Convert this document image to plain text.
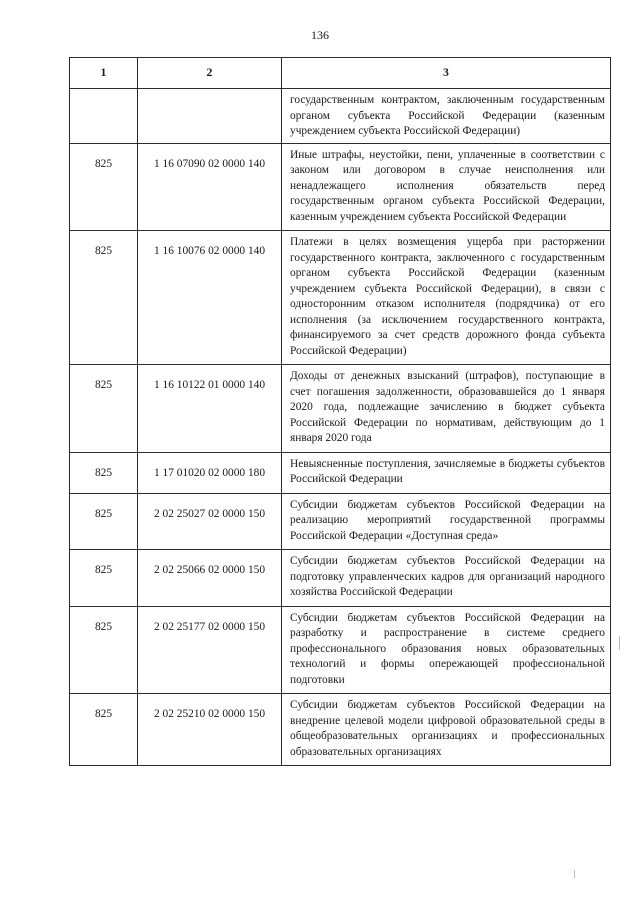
136
1	2	3
		государственным контрактом, заключенным государственным органом субъекта Российской Федерации (казенным учреждением субъекта Российской Федерации)
825	1 16 07090 02 0000 140	Иные штрафы, неустойки, пени, уплаченные в соответствии с законом или договором в случае неисполнения или ненадлежащего исполнения обязательств перед государственным органом субъекта Российской Федерации, казенным учреждением субъекта Российской Федерации
825	1 16 10076 02 0000 140	Платежи в целях возмещения ущерба при расторжении государственного контракта, заключенного с государственным органом субъекта Российской Федерации (казенным учреждением субъекта Российской Федерации), в связи с односторонним отказом исполнителя (подрядчика) от его исполнения (за исключением государственного контракта, финансируемого за счет средств дорожного фонда субъекта Российской Федерации)
825	1 16 10122 01 0000 140	Доходы от денежных взысканий (штрафов), поступающие в счет погашения задолженности, образовавшейся до 1 января 2020 года, подлежащие зачислению в бюджет субъекта Российской Федерации по нормативам, действующим до 1 января 2020 года
825	1 17 01020 02 0000 180	Невыясненные поступления, зачисляемые в бюджеты субъектов Российской Федерации
825	2 02 25027 02 0000 150	Субсидии бюджетам субъектов Российской Федерации на реализацию мероприятий государственной программы Российской Федерации «Доступная среда»
825	2 02 25066 02 0000 150	Субсидии бюджетам субъектов Российской Федерации на подготовку управленческих кадров для организаций народного хозяйства Российской Федерации
825	2 02 25177 02 0000 150	Субсидии бюджетам субъектов Российской Федерации на разработку и распространение в системе среднего профессионального образования новых образовательных технологий и формы опережающей профессиональной подготовки
825	2 02 25210 02 0000 150	Субсидии бюджетам субъектов Российской Федерации на внедрение целевой модели цифровой образовательной среды в общеобразовательных организациях и профессиональных образовательных организациях
